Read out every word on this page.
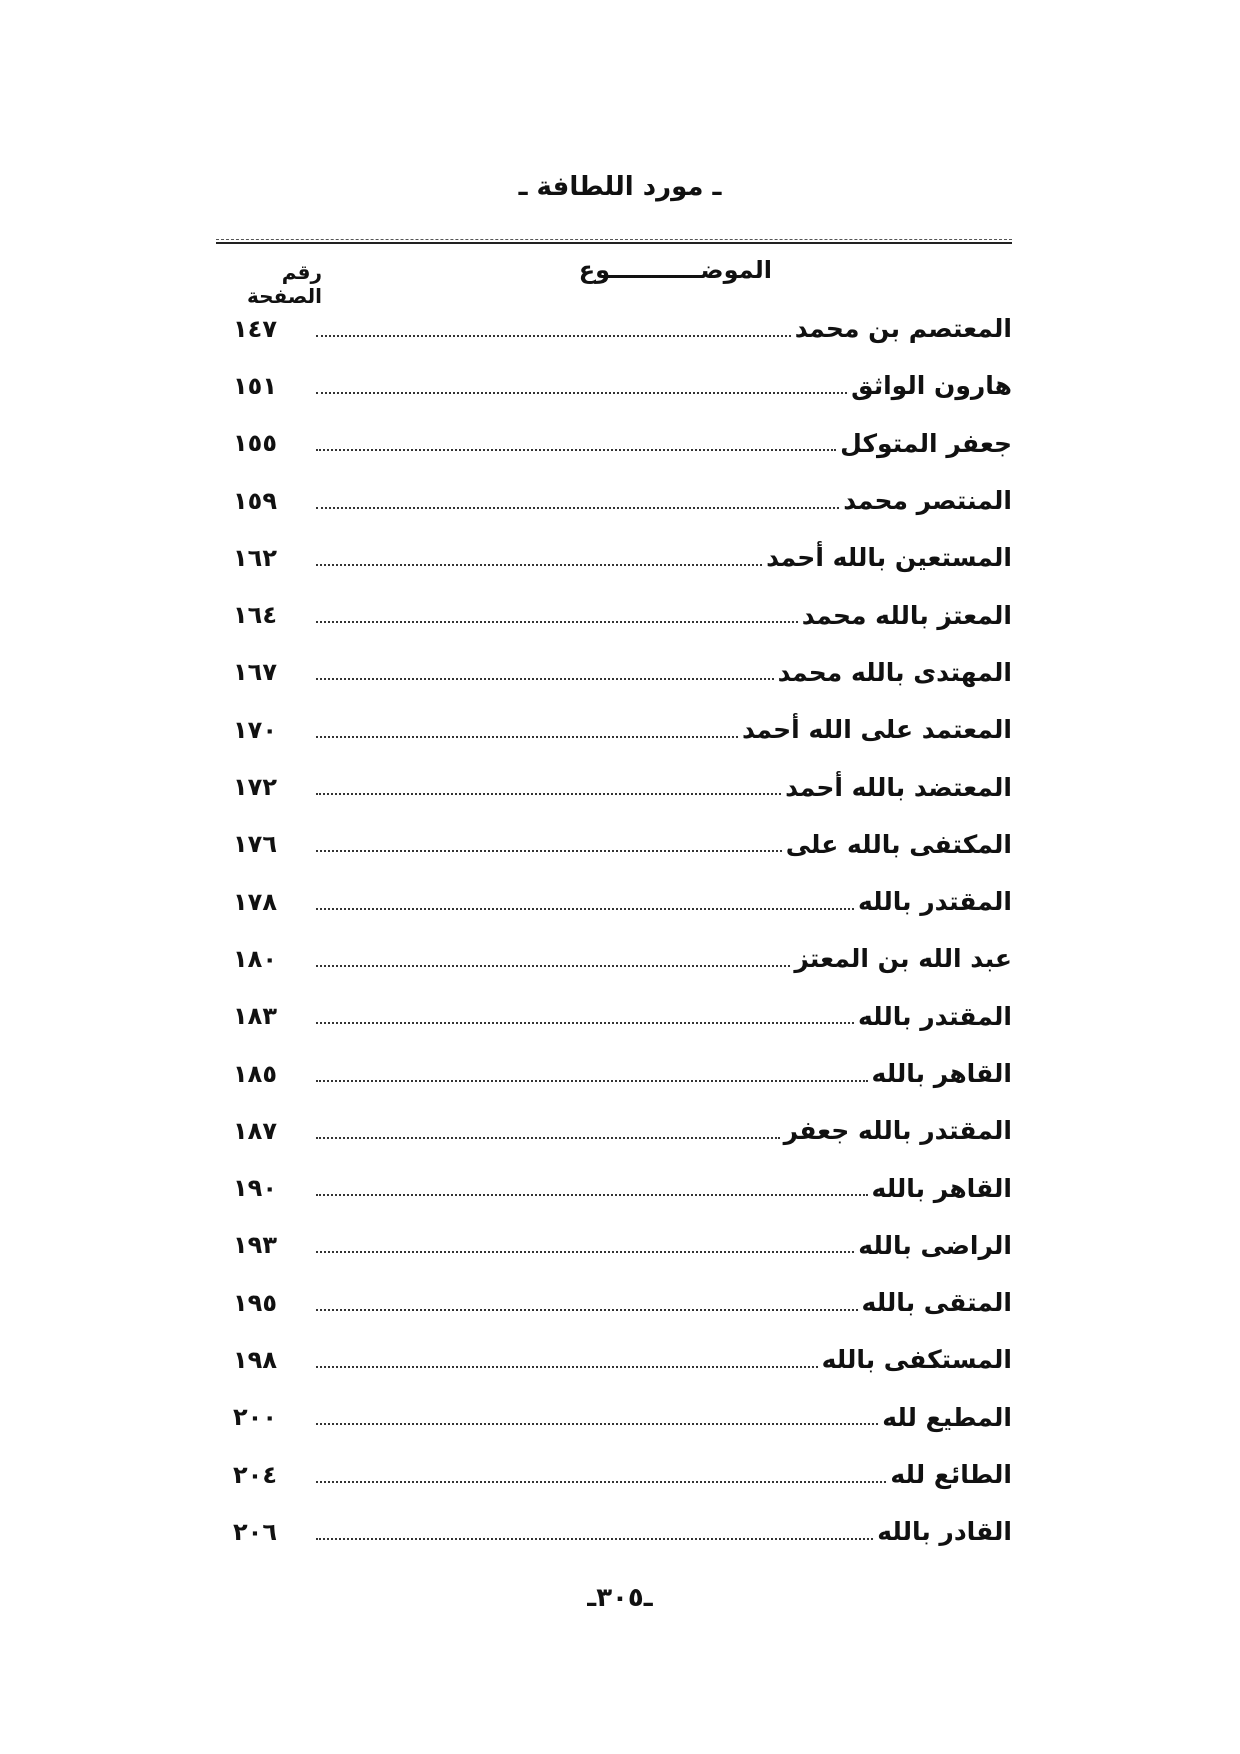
ـ مورد اللطافة ـ
الموضـــــــــــوع
رقم الصفحة
المعتصم بن محمد
١٤٧
هارون الواثق
١٥١
جعفر المتوكل
١٥٥
المنتصر محمد
١٥٩
المستعين بالله أحمد
١٦٢
المعتز بالله محمد
١٦٤
المهتدى بالله محمد
١٦٧
المعتمد على الله أحمد
١٧٠
المعتضد بالله أحمد
١٧٢
المكتفى بالله على
١٧٦
المقتدر بالله
١٧٨
عبد الله بن المعتز
١٨٠
المقتدر بالله
١٨٣
القاهر بالله
١٨٥
المقتدر بالله جعفر
١٨٧
القاهر بالله
١٩٠
الراضى بالله
١٩٣
المتقى بالله
١٩٥
المستكفى بالله
١٩٨
المطيع لله
٢٠٠
الطائع لله
٢٠٤
القادر بالله
٢٠٦
ـ٣٠٥ـ
